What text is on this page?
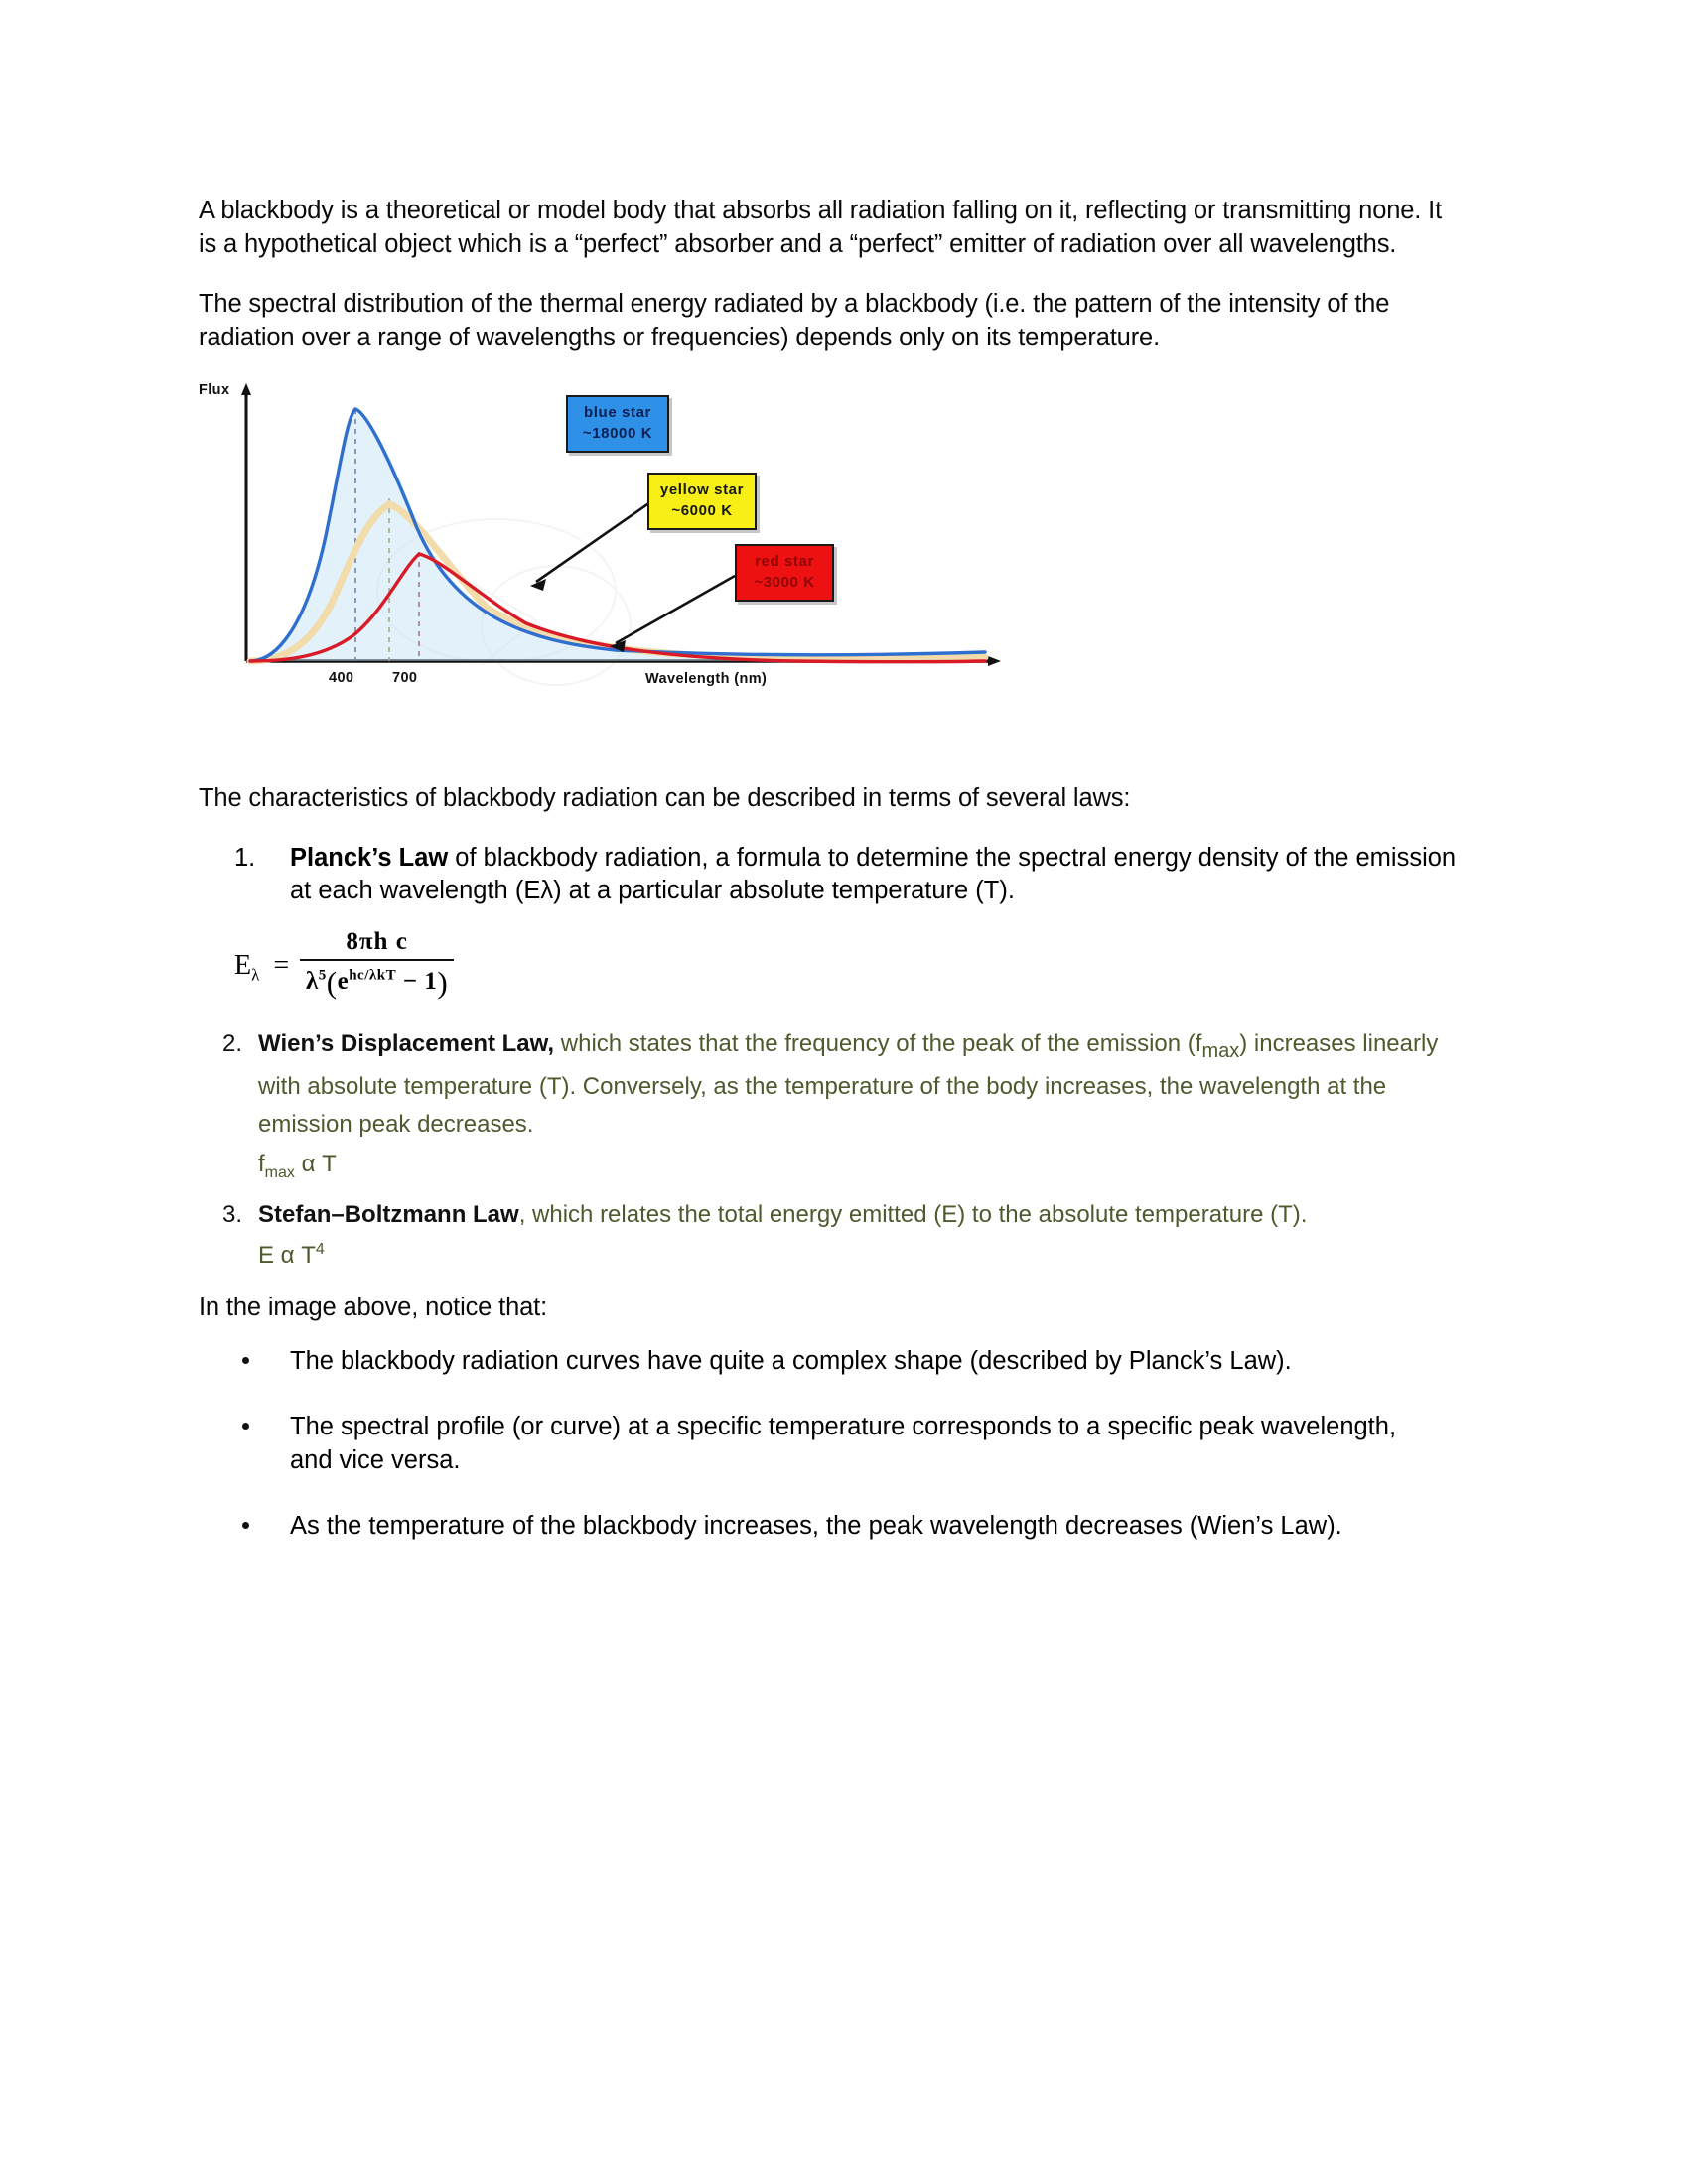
A blackbody is a theoretical or model body that absorbs all radiation falling on it, reflecting or transmitting none. It is a hypothetical object which is a “perfect” absorber and a “perfect” emitter of radiation over all wavelengths.

The spectral distribution of the thermal energy radiated by a blackbody (i.e. the pattern of the intensity of the radiation over a range of wavelengths or frequencies) depends only on its temperature.

Flux
400	700	Wavelength (nm)
blue star
~18000 K
yellow star
~6000 K
red star
~3000 K

The characteristics of blackbody radiation can be described in terms of several laws:

1. Planck’s Law of blackbody radiation, a formula to determine the spectral energy density of the emission at each wavelength (Eλ) at a particular absolute temperature (T).
$E_\lambda$ =
8πh c
$\lambda^5(e^{hc/\lambda kT} - 1)$
2. Wien’s Displacement Law, which states that the frequency of the peak of the emission $(f_{max})$ increases linearly with absolute temperature (T). Conversely, as the temperature of the body increases, the wavelength at the emission peak decreases.
$f_{max}$ α T
3. Stefan–Boltzmann Law, which relates the total energy emitted (E) to the absolute temperature (T).
E α $T^4$

In the image above, notice that:

The blackbody radiation curves have quite a complex shape (described by Planck’s Law).
The spectral profile (or curve) at a specific temperature corresponds to a specific peak wavelength, and vice versa.
As the temperature of the blackbody increases, the peak wavelength decreases (Wien’s Law).
